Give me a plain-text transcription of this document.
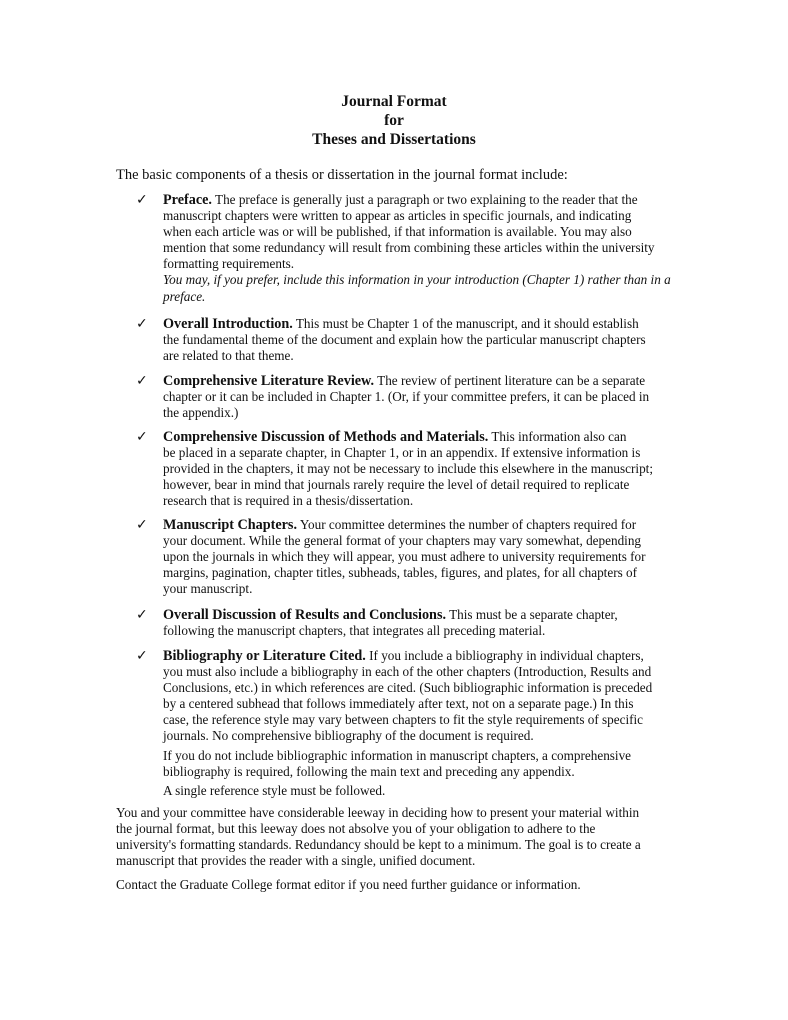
Journal Format
for
Theses and Dissertations
The basic components of a thesis or dissertation in the journal format include:
✓ Preface. The preface is generally just a paragraph or two explaining to the reader that the
manuscript chapters were written to appear as articles in specific journals, and indicating
when each article was or will be published, if that information is available. You may also
mention that some redundancy will result from combining these articles within the university
formatting requirements.
You may, if you prefer, include this information in your introduction (Chapter 1) rather than in a
preface.
✓ Overall Introduction. This must be Chapter 1 of the manuscript, and it should establish
the fundamental theme of the document and explain how the particular manuscript chapters
are related to that theme.
✓ Comprehensive Literature Review. The review of pertinent literature can be a separate
chapter or it can be included in Chapter 1. (Or, if your committee prefers, it can be placed in
the appendix.)
✓ Comprehensive Discussion of Methods and Materials. This information also can
be placed in a separate chapter, in Chapter 1, or in an appendix. If extensive information is
provided in the chapters, it may not be necessary to include this elsewhere in the manuscript;
however, bear in mind that journals rarely require the level of detail required to replicate
research that is required in a thesis/dissertation.
✓ Manuscript Chapters. Your committee determines the number of chapters required for
your document. While the general format of your chapters may vary somewhat, depending
upon the journals in which they will appear, you must adhere to university requirements for
margins, pagination, chapter titles, subheads, tables, figures, and plates, for all chapters of
your manuscript.
✓ Overall Discussion of Results and Conclusions. This must be a separate chapter,
following the manuscript chapters, that integrates all preceding material.
✓ Bibliography or Literature Cited. If you include a bibliography in individual chapters,
you must also include a bibliography in each of the other chapters (Introduction, Results and
Conclusions, etc.) in which references are cited. (Such bibliographic information is preceded
by a centered subhead that follows immediately after text, not on a separate page.) In this
case, the reference style may vary between chapters to fit the style requirements of specific
journals. No comprehensive bibliography of the document is required.
If you do not include bibliographic information in manuscript chapters, a comprehensive
bibliography is required, following the main text and preceding any appendix.
A single reference style must be followed.
You and your committee have considerable leeway in deciding how to present your material within
the journal format, but this leeway does not absolve you of your obligation to adhere to the
university's formatting standards. Redundancy should be kept to a minimum. The goal is to create a
manuscript that provides the reader with a single, unified document.
Contact the Graduate College format editor if you need further guidance or information.
